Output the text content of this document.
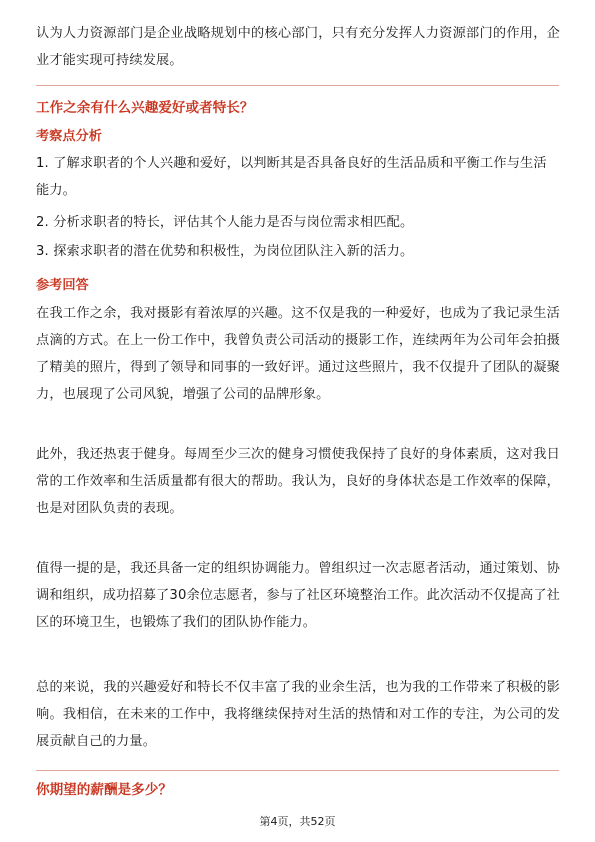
认为人力资源部门是企业战略规划中的核心部门，只有充分发挥人力资源部门的作用，企业才能实现可持续发展。

工作之余有什么兴趣爱好或者特长？
考察点分析

1. 了解求职者的个人兴趣和爱好，以判断其是否具备良好的生活品质和平衡工作与生活能力。

2. 分析求职者的特长，评估其个人能力是否与岗位需求相匹配。

3. 探索求职者的潜在优势和积极性，为岗位团队注入新的活力。

参考回答

在我工作之余，我对摄影有着浓厚的兴趣。这不仅是我的一种爱好，也成为了我记录生活点滴的方式。在上一份工作中，我曾负责公司活动的摄影工作，连续两年为公司年会拍摄了精美的照片，得到了领导和同事的一致好评。通过这些照片，我不仅提升了团队的凝聚力，也展现了公司风貌，增强了公司的品牌形象。

此外，我还热衷于健身。每周至少三次的健身习惯使我保持了良好的身体素质，这对我日常的工作效率和生活质量都有很大的帮助。我认为，良好的身体状态是工作效率的保障，也是对团队负责的表现。

值得一提的是，我还具备一定的组织协调能力。曾组织过一次志愿者活动，通过策划、协调和组织，成功招募了30余位志愿者，参与了社区环境整治工作。此次活动不仅提高了社区的环境卫生，也锻炼了我们的团队协作能力。

总的来说，我的兴趣爱好和特长不仅丰富了我的业余生活，也为我的工作带来了积极的影响。我相信，在未来的工作中，我将继续保持对生活的热情和对工作的专注，为公司的发展贡献自己的力量。

你期望的薪酬是多少？
第4页，共52页
